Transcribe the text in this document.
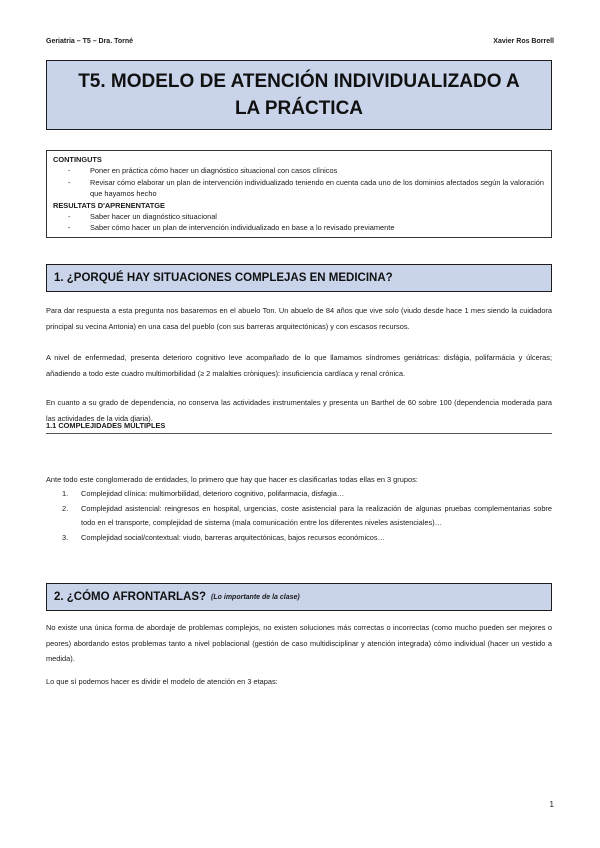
Geriatria – T5 – Dra. Torné	Xavier Ros Borrell
T5. MODELO DE ATENCIÓN INDIVIDUALIZADO A
LA PRÁCTICA
CONTINGUTS
- Poner en práctica cómo hacer un diagnóstico situacional con casos clínicos
- Revisar cómo elaborar un plan de intervención individualizado teniendo en cuenta cada uno de los dominios afectados según la valoración que hayamos hecho
RESULTATS D'APRENENTATGE
- Saber hacer un diagnóstico situacional
- Saber cómo hacer un plan de intervención individualizado en base a lo revisado previamente
1. ¿PORQUÉ HAY SITUACIONES COMPLEJAS EN MEDICINA?

Para dar respuesta a esta pregunta nos basaremos en el abuelo Ton. Un abuelo de 84 años que vive solo (viudo desde hace 1 mes siendo la cuidadora principal su vecina Antonia) en una casa del pueblo (con sus barreras arquitectónicas) y con escasos recursos.

A nivel de enfermedad, presenta deterioro cognitivo leve acompañado de lo que llamamos síndromes geriátricas: disfágia, polifarmácia y úlceras; añadiendo a todo este cuadro multimorbilidad (≥ 2 malalties cròniques): insuficiencia cardíaca y renal crónica.

En cuanto a su grado de dependencia, no conserva las actividades instrumentales y presenta un Barthel de 60 sobre 100 (dependencia moderada para las actividades de la vida diaria).

1.1 COMPLEJIDADES MÚLTIPLES

Ante todo este conglomerado de entidades, lo primero que hay que hacer es clasificarlas todas ellas en 3 grupos:

1. Complejidad clínica: multimorbilidad, deterioro cognitivo, polifarmacia, disfagia…
2. Complejidad asistencial: reingresos en hospital, urgencias, coste asistencial para la realización de algunas pruebas complementarias sobre todo en el transporte, complejidad de sistema (mala comunicación entre los diferentes niveles asistenciales)…
3. Complejidad social/contextual: viudo, barreras arquitectónicas, bajos recursos económicos…
2. ¿CÓMO AFRONTARLAS? (Lo importante de la clase)

No existe una única forma de abordaje de problemas complejos, no existen soluciones más correctas o incorrectas (como mucho pueden ser mejores o peores) abordando estos problemas tanto a nivel poblacional (gestión de caso multidisciplinar y atención integrada) cómo individual (hacer un vestido a medida).

Lo que sí podemos hacer es dividir el modelo de atención en 3 etapas:

1
